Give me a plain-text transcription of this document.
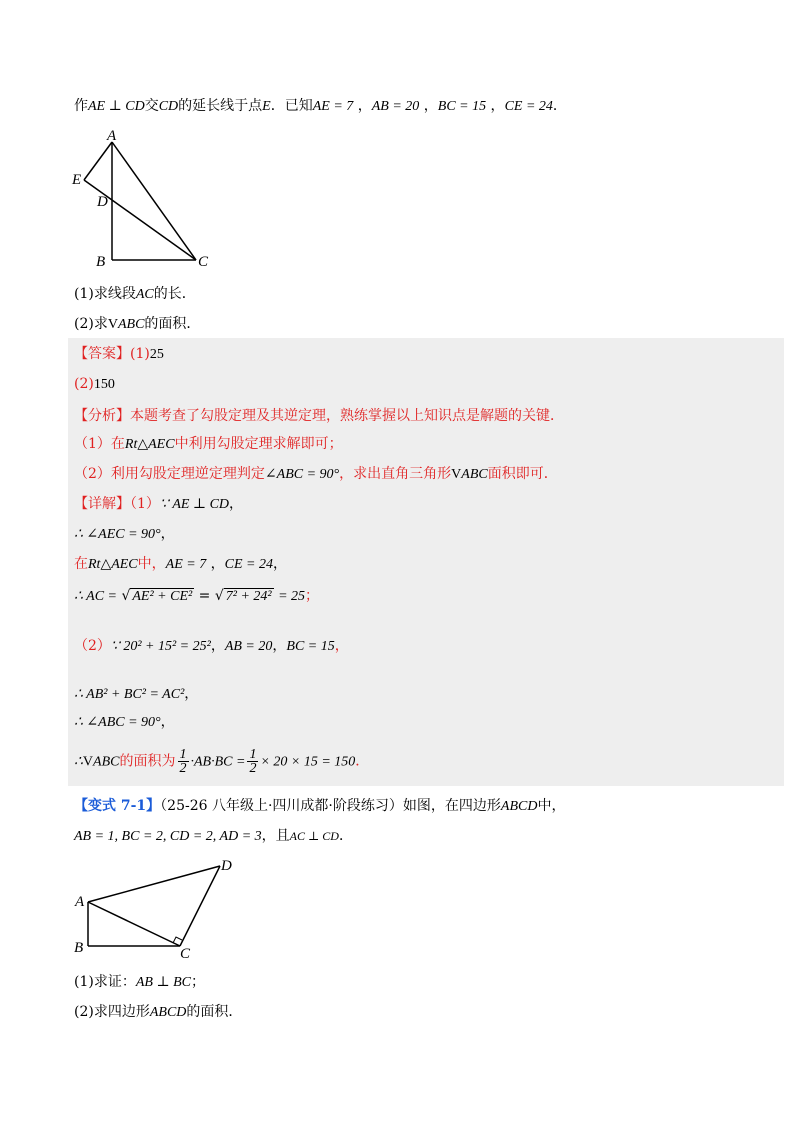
作AE ⊥ CD交CD的延长线于点E．已知AE = 7 ，AB = 20 ，BC = 15 ，CE = 24．
A
E
D
B	C
(1)求线段AC的长．
(2)求VABC的面积．
【答案】(1)25
(2)150
【分析】本题考查了勾股定理及其逆定理，熟练掌握以上知识点是解题的关键．
（1）在Rt△AEC中利用勾股定理求解即可；
（2）利用勾股定理逆定理判定∠ABC = 90°，求出直角三角形VABC面积即可．
【详解】（1）∵ AE ⊥ CD，
∴ ∠AEC = 90°，
在Rt△AEC中，AE = 7 ，CE = 24，
∴ AC = √ AE² + CE² = √ 7² + 24² = 25；
（2）∵ 20² + 15² = 25²，AB = 20，BC = 15，
∴ AB² + BC² = AC²，
∴ ∠ABC = 90°，
∴VABC的面积为 $\frac{1}{2} \cdot AB\cdot BC = \frac{1}{2} \times 20 \times 15 = 150$．
【变式 7-1】（25-26 八年级上·四川成都·阶段练习）如图，在四边形ABCD中，
AB = 1, BC = 2, CD = 2, AD = 3，且AC ⊥ CD．
A
B	C
D
(1)求证：AB ⊥ BC；
(2)求四边形ABCD的面积．
